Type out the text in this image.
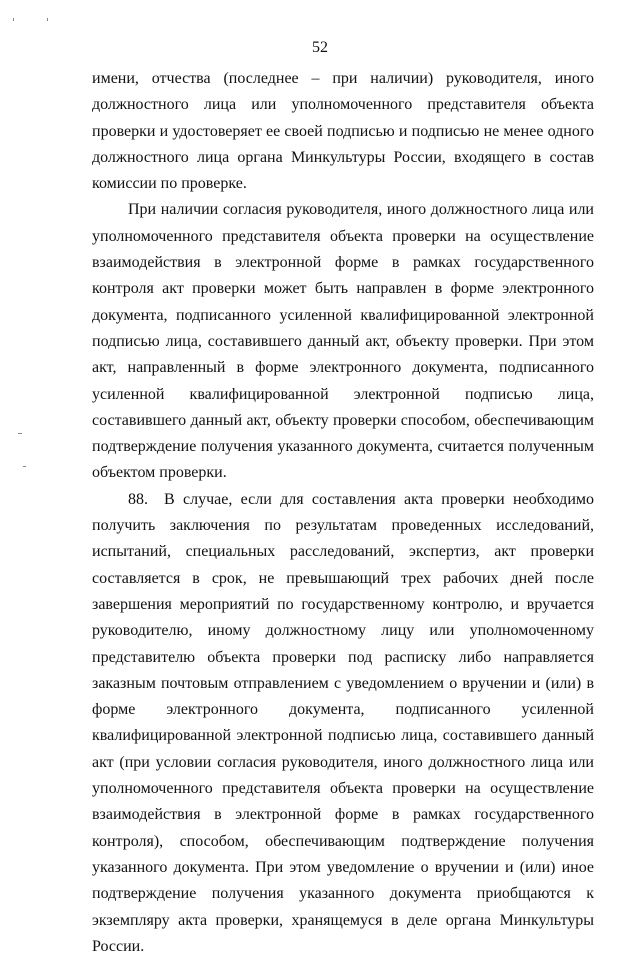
52

имени, отчества (последнее – при наличии) руководителя, иного должностного лица или уполномоченного представителя объекта проверки и удостоверяет ее своей подписью и подписью не менее одного должностного лица органа Минкультуры России, входящего в состав комиссии по проверке.

При наличии согласия руководителя, иного должностного лица или уполномоченного представителя объекта проверки на осуществление взаимодействия в электронной форме в рамках государственного контроля акт проверки может быть направлен в форме электронного документа, подписанного усиленной квалифицированной электронной подписью лица, составившего данный акт, объекту проверки. При этом акт, направленный в форме электронного документа, подписанного усиленной квалифицированной электронной подписью лица, составившего данный акт, объекту проверки способом, обеспечивающим подтверждение получения указанного документа, считается полученным объектом проверки.

88. В случае, если для составления акта проверки необходимо получить заключения по результатам проведенных исследований, испытаний, специальных расследований, экспертиз, акт проверки составляется в срок, не превышающий трех рабочих дней после завершения мероприятий по государственному контролю, и вручается руководителю, иному должностному лицу или уполномоченному представителю объекта проверки под расписку либо направляется заказным почтовым отправлением с уведомлением о вручении и (или) в форме электронного документа, подписанного усиленной квалифицированной электронной подписью лица, составившего данный акт (при условии согласия руководителя, иного должностного лица или уполномоченного представителя объекта проверки на осуществление взаимодействия в электронной форме в рамках государственного контроля), способом, обеспечивающим подтверждение получения указанного документа. При этом уведомление о вручении и (или) иное подтверждение получения указанного документа приобщаются к экземпляру акта проверки, хранящемуся в деле органа Минкультуры России.
